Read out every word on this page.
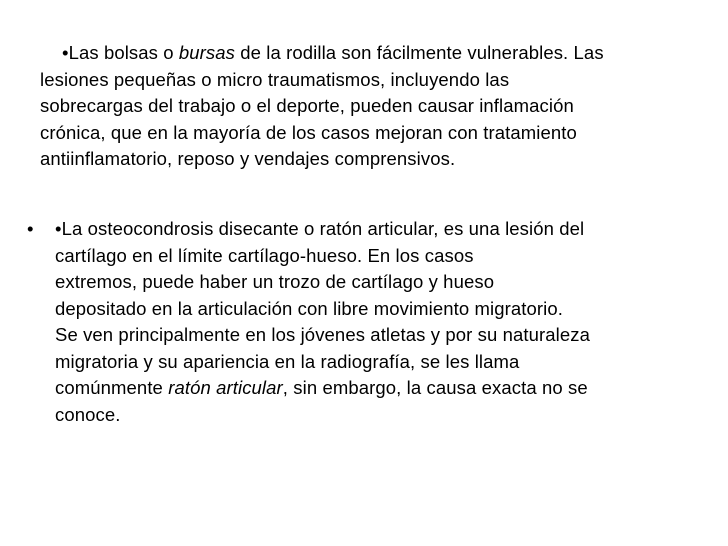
•Las bolsas o bursas de la rodilla son fácilmente vulnerables. Las
lesiones pequeñas o micro traumatismos, incluyendo las
sobrecargas del trabajo o el deporte, pueden causar inflamación
crónica, que en la mayoría de los casos mejoran con tratamiento
antiinflamatorio, reposo y vendajes comprensivos.
• •La osteocondrosis disecante o ratón articular, es una lesión del
cartílago en el límite cartílago-hueso. En los casos
extremos, puede haber un trozo de cartílago y hueso
depositado en la articulación con libre movimiento migratorio.
Se ven principalmente en los jóvenes atletas y por su naturaleza
migratoria y su apariencia en la radiografía, se les llama
comúnmente ratón articular, sin embargo, la causa exacta no se
conoce.
